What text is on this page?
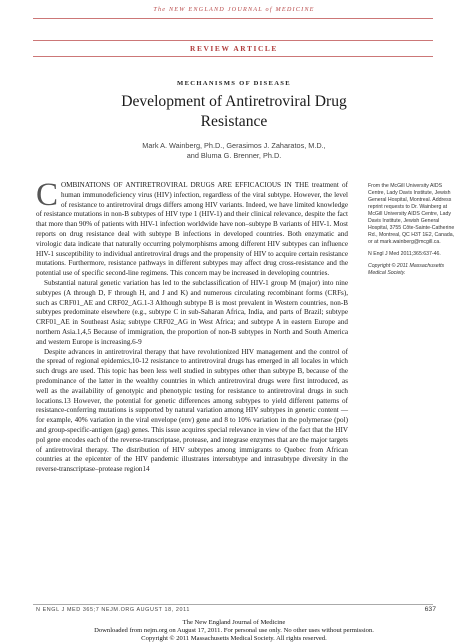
The NEW ENGLAND JOURNAL of MEDICINE
REVIEW ARTICLE
MECHANISMS OF DISEASE
Development of Antiretroviral Drug
Resistance
Mark A. Wainberg, Ph.D., Gerasimos J. Zaharatos, M.D.,
and Bluma G. Brenner, Ph.D.

COMBINATIONS OF ANTIRETROVIRAL DRUGS ARE EFFICACIOUS IN THE treatment of human immunodeficiency virus (HIV) infection, regardless of the viral subtype. However, the level of resistance to antiretroviral drugs differs among HIV variants. Indeed, we have limited knowledge of resistance mutations in non-B subtypes of HIV type 1 (HIV-1) and their clinical relevance, despite the fact that more than 90% of patients with HIV-1 infection worldwide have non–subtype B variants of HIV-1. Most reports on drug resistance deal with subtype B infections in developed countries. Both enzymatic and virologic data indicate that naturally occurring polymorphisms among different HIV subtypes can influence HIV-1 susceptibility to individual antiretroviral drugs and the propensity of HIV to acquire certain resistance mutations. Furthermore, resistance pathways in different subtypes may affect drug cross-resistance and the potential use of specific second-line regimens. This concern may be increased in developing countries.

Substantial natural genetic variation has led to the subclassification of HIV-1 group M (major) into nine subtypes (A through D, F through H, and J and K) and numerous circulating recombinant forms (CRFs), such as CRF01_AE and CRF02_AG.1-3 Although subtype B is most prevalent in Western countries, non-B subtypes predominate elsewhere (e.g., subtype C in sub-Saharan Africa, India, and parts of Brazil; subtype CRF01_AE in Southeast Asia; subtype CRF02_AG in West Africa; and subtype A in eastern Europe and northern Asia.1,4,5 Because of immigration, the proportion of non-B subtypes in North and South America and western Europe is increasing.6-9

Despite advances in antiretroviral therapy that have revolutionized HIV management and the control of the spread of regional epidemics,10-12 resistance to antiretroviral drugs has emerged in all locales in which such drugs are used. This topic has been less well studied in subtypes other than subtype B, because of the predominance of the latter in the wealthy countries in which antiretroviral drugs were first introduced, as well as the availability of genotypic and phenotypic testing for resistance to antiretroviral drugs in such locations.13 However, the potential for genetic differences among subtypes to yield different patterns of resistance-conferring mutations is supported by natural variation among HIV subtypes in genetic content — for example, 40% variation in the viral envelope (env) gene and 8 to 10% variation in the polymerase (pol) and group-specific-antigen (gag) genes. This issue acquires special relevance in view of the fact that the HIV pol gene encodes each of the reverse-transcriptase, protease, and integrase enzymes that are the major targets of antiretroviral therapy. The distribution of HIV subtypes among immigrants to Quebec from African countries at the epicenter of the HIV pandemic illustrates intersubtype and intrasubtype diversity in the reverse-transcriptase–protease region14

From the McGill University AIDS Centre, Lady Davis Institute, Jewish General Hospital, Montreal. Address reprint requests to Dr. Wainberg at McGill University AIDS Centre, Lady Davis Institute, Jewish General Hospital, 3755 Côte-Sainte-Catherine Rd., Montreal, QC H3T 1E2, Canada, or at mark.wainberg@mcgill.ca.

N Engl J Med 2011;365:637-46.

Copyright © 2011 Massachusetts Medical Society.

N ENGL J MED 365;7 NEJM.ORG AUGUST 18, 2011	637
The New England Journal of Medicine
Downloaded from nejm.org on August 17, 2011. For personal use only. No other uses without permission.
Copyright © 2011 Massachusetts Medical Society. All rights reserved.
